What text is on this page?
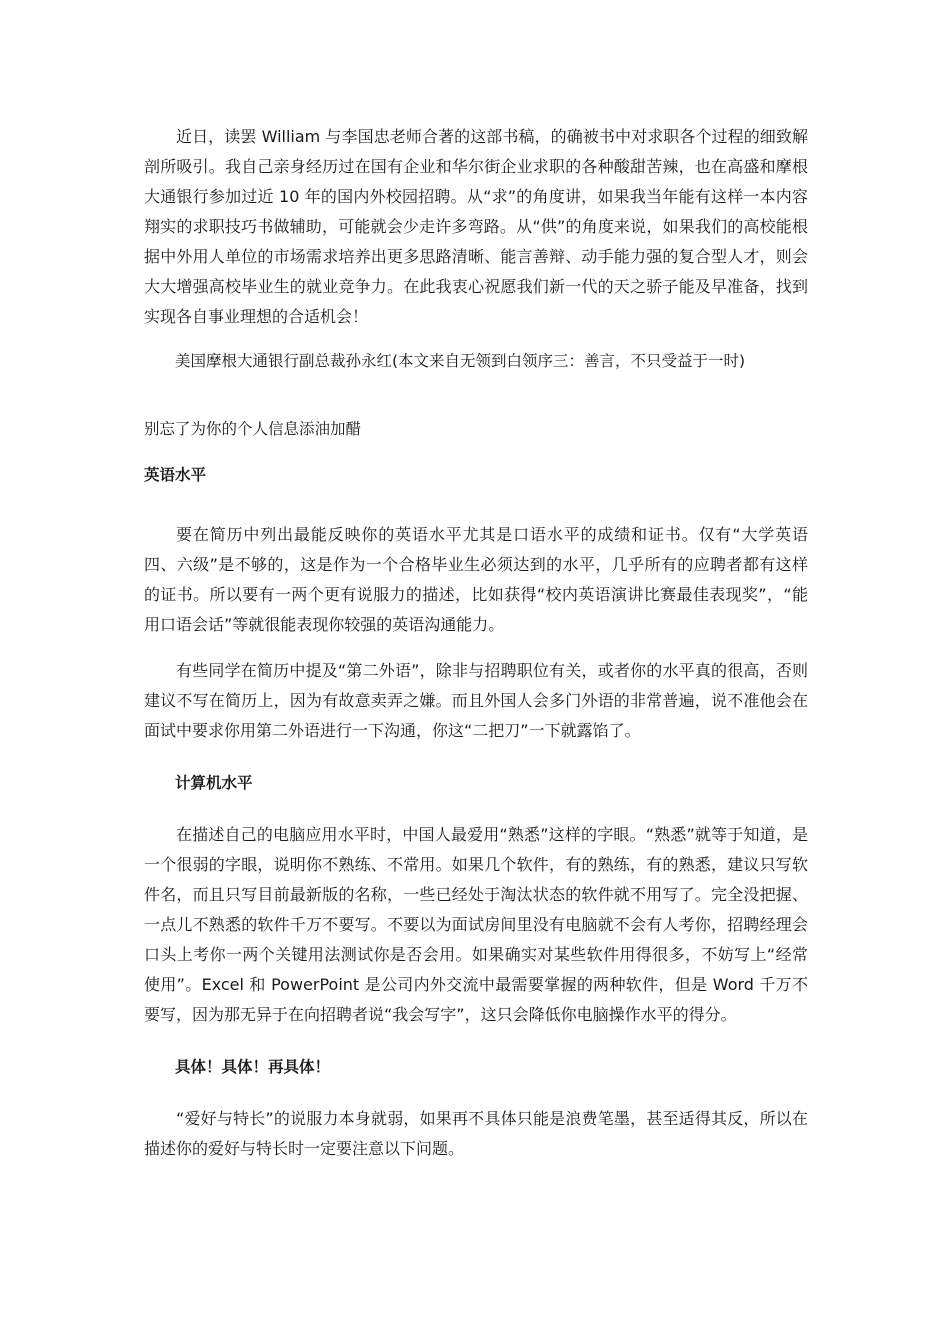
近日，读罢 William 与李国忠老师合著的这部书稿，的确被书中对求职各个过程的细致解剖所吸引。我自己亲身经历过在国有企业和华尔街企业求职的各种酸甜苦辣，也在高盛和摩根大通银行参加过近 10 年的国内外校园招聘。从“求”的角度讲，如果我当年能有这样一本内容翔实的求职技巧书做辅助，可能就会少走许多弯路。从“供”的角度来说，如果我们的高校能根据中外用人单位的市场需求培养出更多思路清晰、能言善辩、动手能力强的复合型人才，则会大大增强高校毕业生的就业竞争力。在此我衷心祝愿我们新一代的天之骄子能及早准备，找到实现各自事业理想的合适机会！

美国摩根大通银行副总裁孙永红(本文来自无领到白领序三：善言，不只受益于一时)

别忘了为你的个人信息添油加醋

英语水平

要在简历中列出最能反映你的英语水平尤其是口语水平的成绩和证书。仅有“大学英语四、六级”是不够的，这是作为一个合格毕业生必须达到的水平，几乎所有的应聘者都有这样的证书。所以要有一两个更有说服力的描述，比如获得“校内英语演讲比赛最佳表现奖”，“能用口语会话”等就很能表现你较强的英语沟通能力。

有些同学在简历中提及“第二外语”，除非与招聘职位有关，或者你的水平真的很高，否则建议不写在简历上，因为有故意卖弄之嫌。而且外国人会多门外语的非常普遍，说不准他会在面试中要求你用第二外语进行一下沟通，你这“二把刀”一下就露馅了。

计算机水平

在描述自己的电脑应用水平时，中国人最爱用“熟悉”这样的字眼。“熟悉”就等于知道，是一个很弱的字眼，说明你不熟练、不常用。如果几个软件，有的熟练，有的熟悉，建议只写软件名，而且只写目前最新版的名称，一些已经处于淘汰状态的软件就不用写了。完全没把握、一点儿不熟悉的软件千万不要写。不要以为面试房间里没有电脑就不会有人考你，招聘经理会口头上考你一两个关键用法测试你是否会用。如果确实对某些软件用得很多，不妨写上“经常使用”。Excel 和 PowerPoint 是公司内外交流中最需要掌握的两种软件，但是 Word 千万不要写，因为那无异于在向招聘者说“我会写字”，这只会降低你电脑操作水平的得分。

具体！具体！再具体！

“爱好与特长”的说服力本身就弱，如果再不具体只能是浪费笔墨，甚至适得其反，所以在描述你的爱好与特长时一定要注意以下问题。
